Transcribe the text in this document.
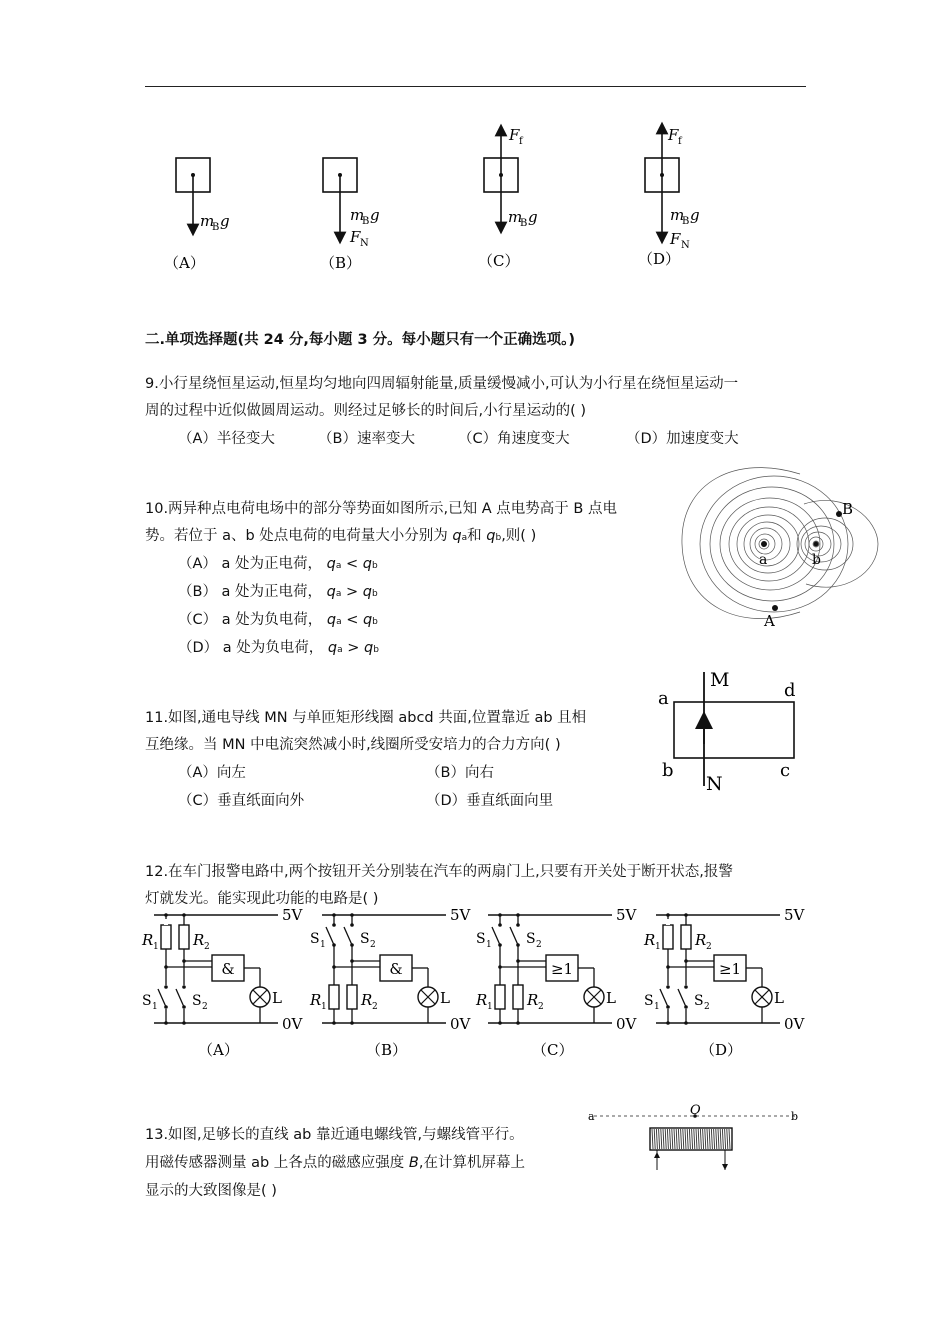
m
B g
（A）
m
B g
F N
（B）
F f
m
B g
（C）
F f
m
B g
F N
（D）
二.单项选择题(共 24 分,每小题 3 分。每小题只有一个正确选项。)
9.小行星绕恒星运动,恒星均匀地向四周辐射能量,质量缓慢减小,可认为小行星在绕恒星运动一
周的过程中近似做圆周运动。则经过足够长的时间后,小行星运动的( )
（A）半径变大	（B）速率变大	（C）角速度变大	（D）加速度变大
10.两异种点电荷电场中的部分等势面如图所示,已知 A 点电势高于 B 点电
势。若位于 a、b 处点电荷的电荷量大小分别为 qa和 qb,则( )
（A） a 处为正电荷， qa < qb
（B） a 处为正电荷， qa > qb
（C） a 处为负电荷， qa < qb
（D） a 处为负电荷， qa > qb
a	b
B
A
11.如图,通电导线 MN 与单匝矩形线圈 abcd 共面,位置靠近 ab 且相
互绝缘。当 MN 中电流突然减小时,线圈所受安培力的合力方向( )
（A）向左	（B）向右
（C）垂直纸面向外	（D）垂直纸面向里
M
N
a	d
b	c
12.在车门报警电路中,两个按钮开关分别装在汽车的两扇门上,只要有开关处于断开状态,报警
灯就发光。能实现此功能的电路是( )
R 1 R 2
S 1 S 2
&
L
5V
0V
（A）
S 1 S 2
R 1 R 2
&
L
5V
0V
（B）
S 1 S 2
R 1 R 2
≥1
L
5V
0V
（C）
R 1 R 2
S 1 S 2
≥1
L
5V
0V
（D）
13.如图,足够长的直线 ab 靠近通电螺线管,与螺线管平行。
用磁传感器测量 ab 上各点的磁感应强度 B,在计算机屏幕上
显示的大致图像是( )
a	O	b
